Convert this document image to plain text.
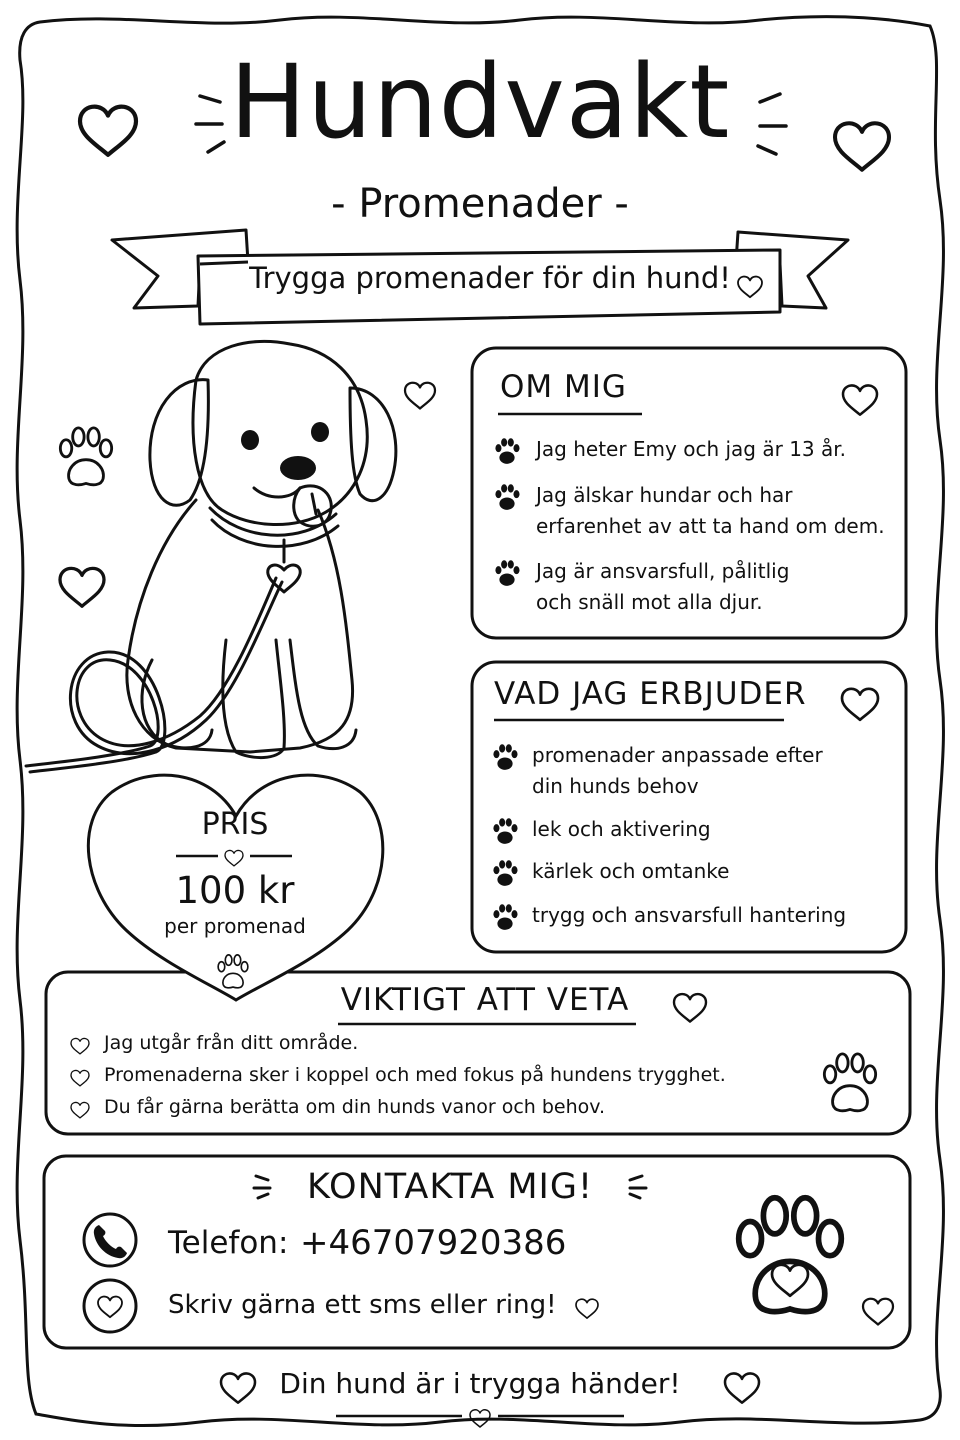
Hundvakt
- Promenader -
Trygga promenader för din hund!
OM MIG
Jag heter Emy och jag är 13 år.
Jag älskar hundar och har
erfarenhet av att ta hand om dem.
Jag är ansvarsfull, pålitlig
och snäll mot alla djur.
VAD JAG ERBJUDER
promenader anpassade efter
din hunds behov
lek och aktivering
kärlek och omtanke
trygg och ansvarsfull hantering
PRIS
100 kr
per promenad
VIKTIGT ATT VETA
Jag utgår från ditt område.
Promenaderna sker i koppel och med fokus på hundens trygghet.
Du får gärna berätta om din hunds vanor och behov.
KONTAKTA MIG!
Telefon: +46707920386
Skriv gärna ett sms eller ring!
Din hund är i trygga händer!
